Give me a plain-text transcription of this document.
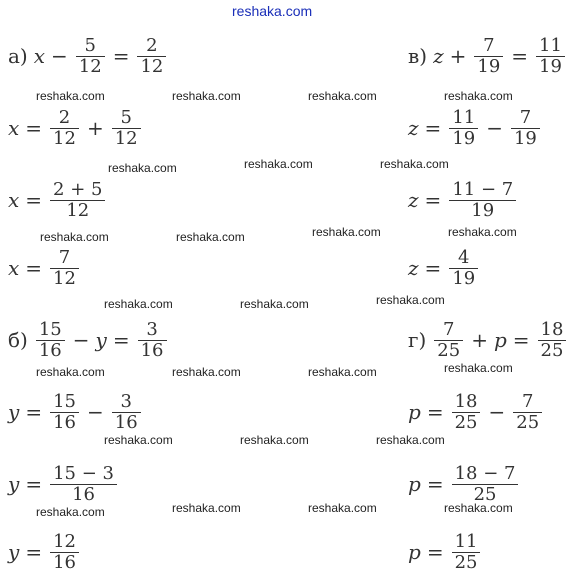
reshaka.com
а) $x - \frac{5}{12} = \frac{2}{12}$
$x = \frac{2}{12} + \frac{5}{12}$
$x = \frac{2 + 5}{12}$
$x = \frac{7}{12}$
$б) \frac{15}{16} - y = \frac{3}{16}$
$y = \frac{15}{16} - \frac{3}{16}$
$y = \frac{15 - 3}{16}$
$y = \frac{12}{16}$
в) $z + \frac{7}{19} = \frac{11}{19}$
$z = \frac{11}{19} - \frac{7}{19}$
$z = \frac{11 - 7}{19}$
$z = \frac{4}{19}$
$г) \frac{7}{25} + p = \frac{18}{25}$
$p = \frac{18}{25} - \frac{7}{25}$
$p = \frac{18 - 7}{25}$
$p = \frac{11}{25}$
reshaka.com	reshaka.com	reshaka.com	reshaka.com
reshaka.com	reshaka.com	reshaka.com
reshaka.com	reshaka.com	reshaka.com	reshaka.com
reshaka.com	reshaka.com	reshaka.com
reshaka.com	reshaka.com	reshaka.com	reshaka.com
reshaka.com	reshaka.com	reshaka.com
reshaka.com	reshaka.com	reshaka.com	reshaka.com
